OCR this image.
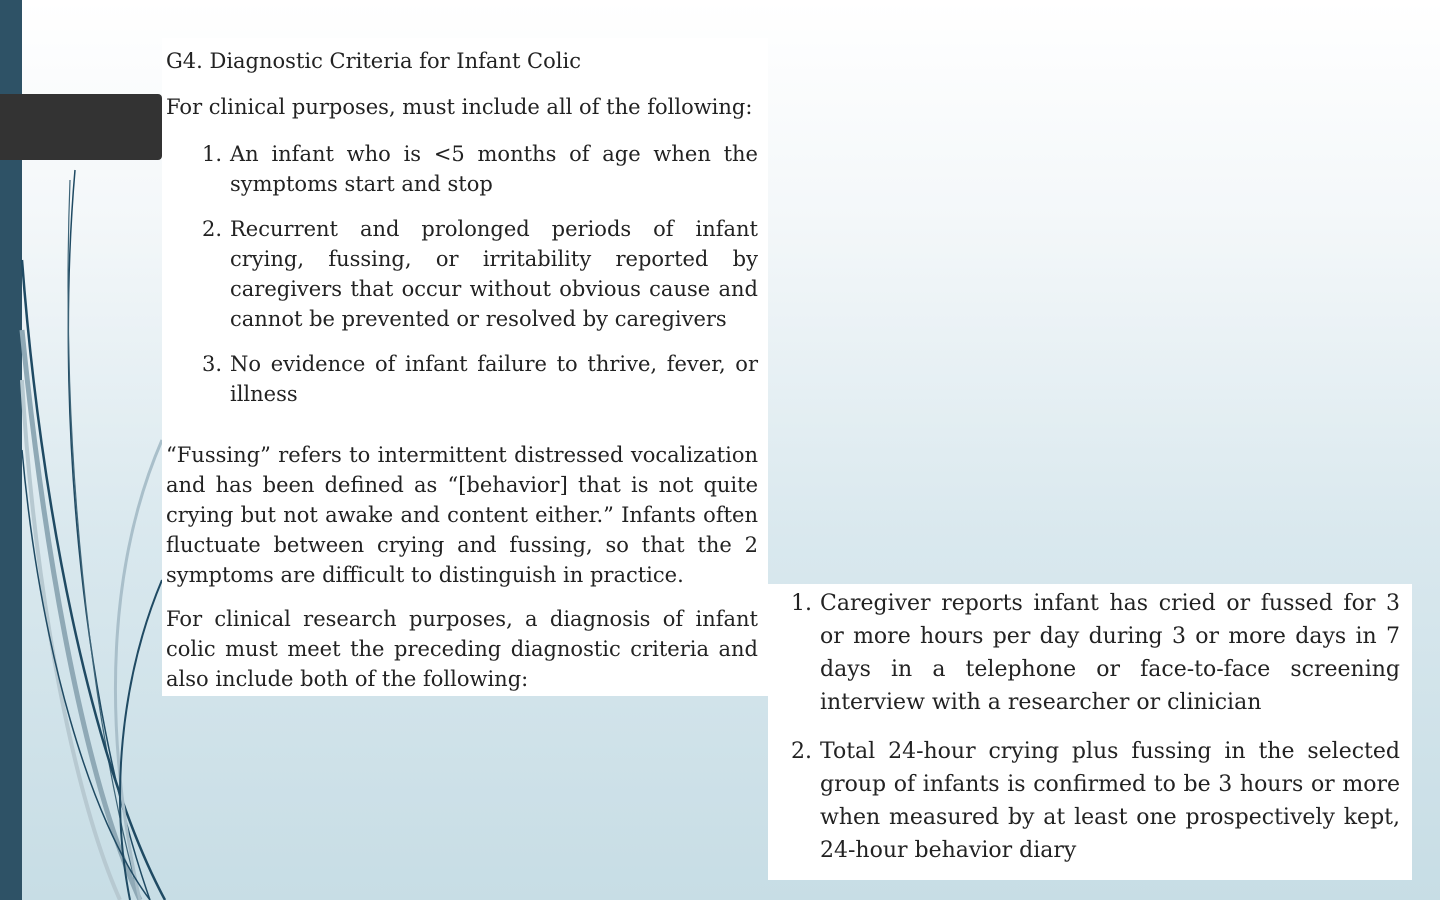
G4. Diagnostic Criteria for Infant Colic

For clinical purposes, must include all of the following:

1. An infant who is <5 months of age when the symptoms start and stop
2. Recurrent and prolonged periods of infant crying, fussing, or irritability reported by caregivers that occur without obvious cause and cannot be prevented or resolved by caregivers
3. No evidence of infant failure to thrive, fever, or illness

“Fussing” refers to intermittent distressed vocalization and has been defined as “[behavior] that is not quite crying but not awake and content either.” Infants often fluctuate between crying and fussing, so that the 2 symptoms are difficult to distinguish in practice.

For clinical research purposes, a diagnosis of infant colic must meet the preceding diagnostic criteria and also include both of the following:

1. Caregiver reports infant has cried or fussed for 3 or more hours per day during 3 or more days in 7 days in a telephone or face-to-face screening interview with a researcher or clinician
2. Total 24-hour crying plus fussing in the selected group of infants is confirmed to be 3 hours or more when measured by at least one prospectively kept, 24-hour behavior diary
